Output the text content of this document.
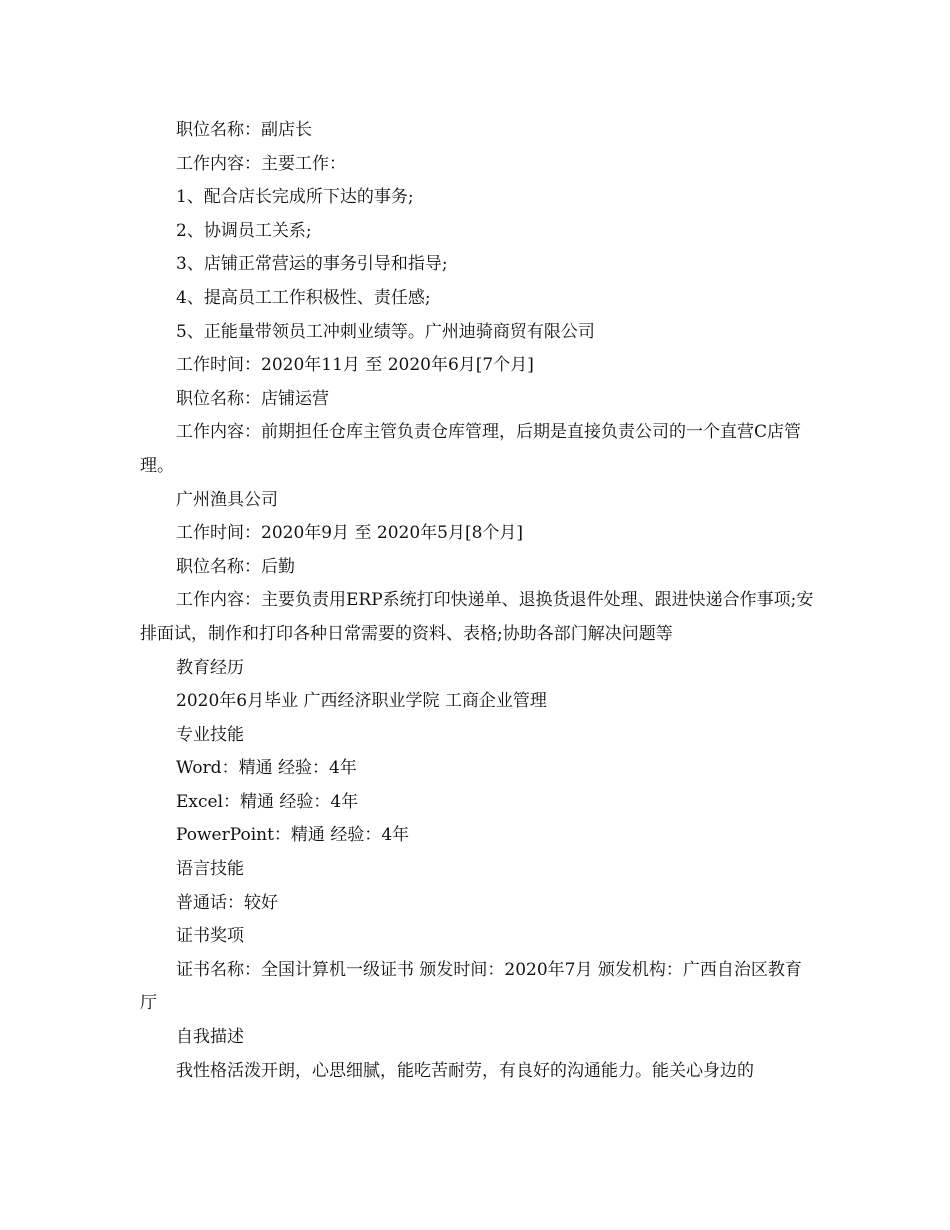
职位名称：副店长

工作内容：主要工作：

1、配合店长完成所下达的事务;

2、协调员工关系;

3、店铺正常营运的事务引导和指导;

4、提高员工工作积极性、责任感;

5、正能量带领员工冲刺业绩等。广州迪骑商贸有限公司

工作时间：2020年11月 至 2020年6月[7个月]

职位名称：店铺运营

工作内容：前期担任仓库主管负责仓库管理，后期是直接负责公司的一个直营C店管理。

广州渔具公司

工作时间：2020年9月 至 2020年5月[8个月]

职位名称：后勤

工作内容：主要负责用ERP系统打印快递单、退换货退件处理、跟进快递合作事项;安排面试，制作和打印各种日常需要的资料、表格;协助各部门解决问题等

教育经历

2020年6月毕业 广西经济职业学院 工商企业管理

专业技能

Word：精通 经验：4年

Excel：精通 经验：4年

PowerPoint：精通 经验：4年

语言技能

普通话：较好

证书奖项

证书名称：全国计算机一级证书 颁发时间：2020年7月 颁发机构：广西自治区教育厅

自我描述

我性格活泼开朗，心思细腻，能吃苦耐劳，有良好的沟通能力。能关心身边的
